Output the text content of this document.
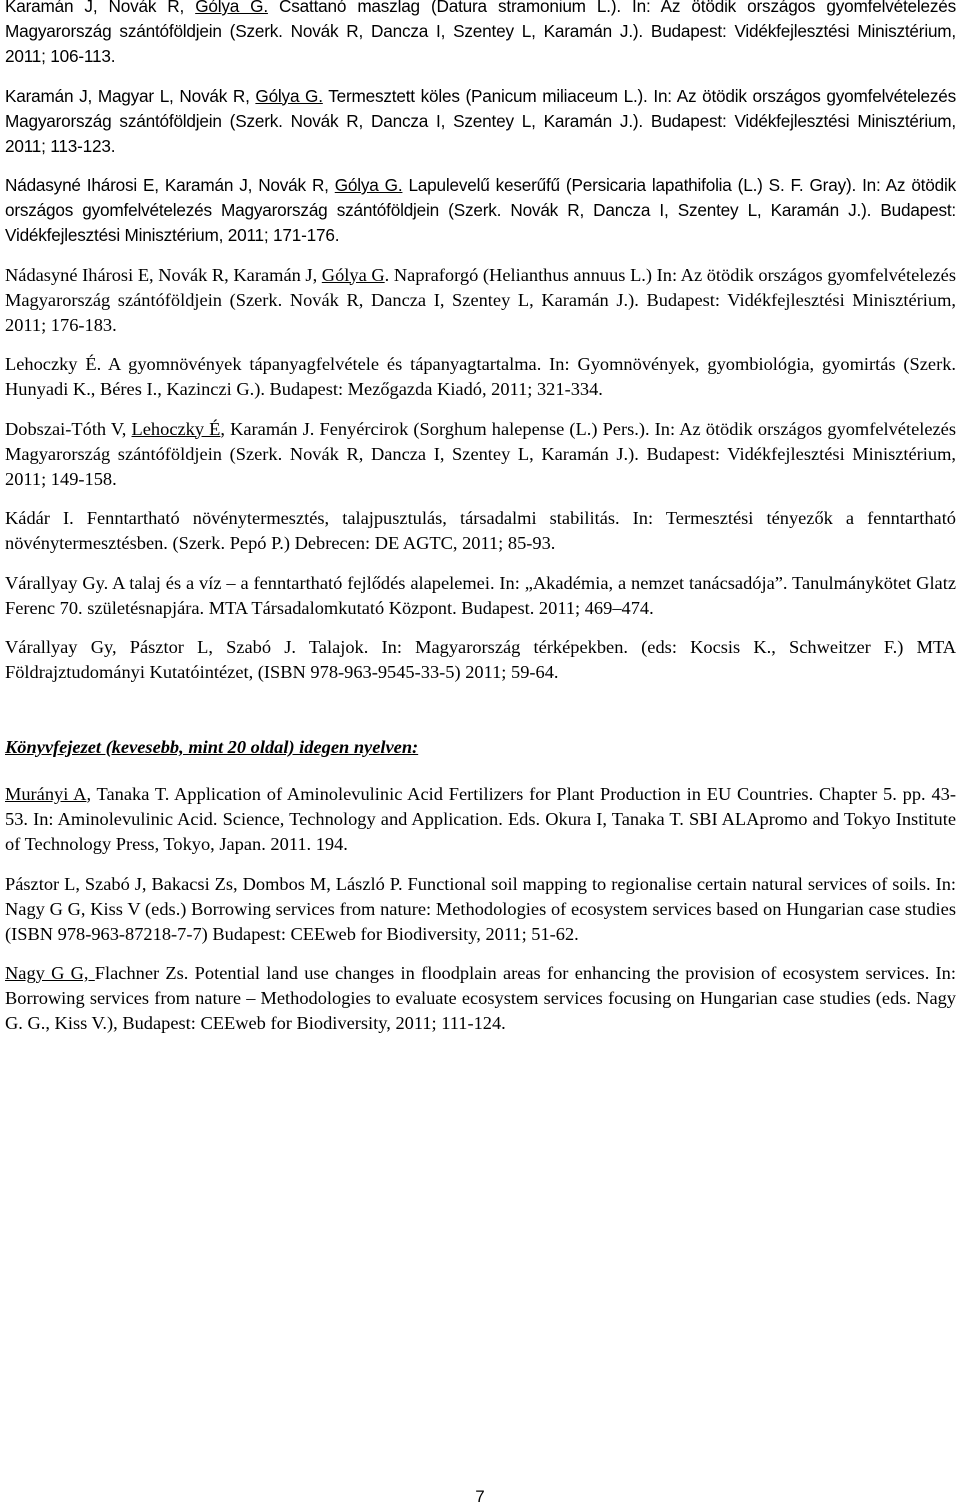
Karamán J, Novák R, Gólya G. Csattanó maszlag (Datura stramonium L.). In: Az ötödik országos gyomfelvételezés Magyarország szántóföldjein (Szerk. Novák R, Dancza I, Szentey L, Karamán J.). Budapest: Vidékfejlesztési Minisztérium, 2011; 106-113.
Karamán J, Magyar L, Novák R, Gólya G. Termesztett köles (Panicum miliaceum L.). In: Az ötödik országos gyomfelvételezés Magyarország szántóföldjein (Szerk. Novák R, Dancza I, Szentey L, Karamán J.). Budapest: Vidékfejlesztési Minisztérium, 2011; 113-123.
Nádasyné Ihárosi E, Karamán J, Novák R, Gólya G. Lapulevelű keserűfű (Persicaria lapathifolia (L.) S. F. Gray). In: Az ötödik országos gyomfelvételezés Magyarország szántóföldjein (Szerk. Novák R, Dancza I, Szentey L, Karamán J.). Budapest: Vidékfejlesztési Minisztérium, 2011; 171-176.
Nádasyné Ihárosi E, Novák R, Karamán J, Gólya G. Napraforgó (Helianthus annuus L.) In: Az ötödik országos gyomfelvételezés Magyarország szántóföldjein (Szerk. Novák R, Dancza I, Szentey L, Karamán J.). Budapest: Vidékfejlesztési Minisztérium, 2011; 176-183.
Lehoczky É. A gyomnövények tápanyagfelvétele és tápanyagtartalma. In: Gyomnövények, gyombiológia, gyomirtás (Szerk. Hunyadi K., Béres I., Kazinczi G.). Budapest: Mezőgazda Kiadó, 2011; 321-334.
Dobszai-Tóth V, Lehoczky É, Karamán J. Fenyércirok (Sorghum halepense (L.) Pers.). In: Az ötödik országos gyomfelvételezés Magyarország szántóföldjein (Szerk. Novák R, Dancza I, Szentey L, Karamán J.). Budapest: Vidékfejlesztési Minisztérium, 2011; 149-158.
Kádár I. Fenntartható növénytermesztés, talajpusztulás, társadalmi stabilitás. In: Termesztési tényezők a fenntartható növénytermesztésben. (Szerk. Pepó P.) Debrecen: DE AGTC, 2011; 85-93.
Várallyay Gy. A talaj és a víz – a fenntartható fejlődés alapelemei. In: „Akadémia, a nemzet tanácsadója”. Tanulmánykötet Glatz Ferenc 70. születésnapjára. MTA Társadalomkutató Központ. Budapest. 2011; 469–474.
Várallyay Gy, Pásztor L, Szabó J. Talajok. In: Magyarország térképekben. (eds: Kocsis K., Schweitzer F.) MTA Földrajztudományi Kutatóintézet, (ISBN 978-963-9545-33-5) 2011; 59-64.
Könyvfejezet (kevesebb, mint 20 oldal) idegen nyelven:
Murányi A, Tanaka T. Application of Aminolevulinic Acid Fertilizers for Plant Production in EU Countries. Chapter 5. pp. 43-53. In: Aminolevulinic Acid. Science, Technology and Application. Eds. Okura I, Tanaka T. SBI ALApromo and Tokyo Institute of Technology Press, Tokyo, Japan. 2011. 194.
Pásztor L, Szabó J, Bakacsi Zs, Dombos M, László P. Functional soil mapping to regionalise certain natural services of soils. In: Nagy G G, Kiss V (eds.) Borrowing services from nature: Methodologies of ecosystem services based on Hungarian case studies (ISBN 978-963-87218-7-7) Budapest: CEEweb for Biodiversity, 2011; 51-62.
Nagy G G, Flachner Zs. Potential land use changes in floodplain areas for enhancing the provision of ecosystem services. In: Borrowing services from nature – Methodologies to evaluate ecosystem services focusing on Hungarian case studies (eds. Nagy G. G., Kiss V.), Budapest: CEEweb for Biodiversity, 2011; 111-124.
7
